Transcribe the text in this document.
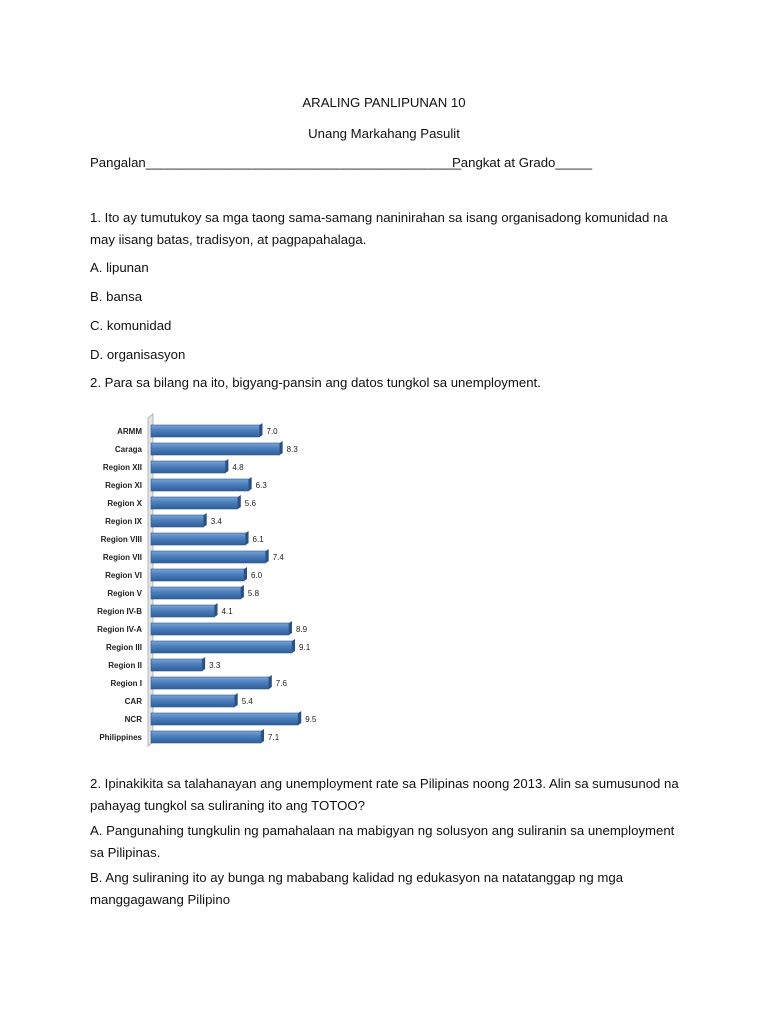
ARALING PANLIPUNAN 10
Unang Markahang Pasulit
Pangalan___________________________________________
Pangkat at Grado_____
1. Ito ay tumutukoy sa mga taong sama-samang naninirahan sa isang organisadong komunidad na may iisang batas, tradisyon, at pagpapahalaga.
A. lipunan
B. bansa
C. komunidad
D. organisasyon
2. Para sa bilang na ito, bigyang-pansin ang datos tungkol sa unemployment.
ARMM	7.0
Caraga	8.3
Region XII	4.8
Region XI	6.3
Region X	5.6
Region IX	3.4
Region VIII	6.1
Region VII	7.4
Region VI	6.0
Region V	5.8
Region IV-B	4.1
Region IV-A	8.9
Region III	9.1
Region II	3.3
Region I	7.6
CAR	5.4
NCR	9.5
Philippines	7.1
2. Ipinakikita sa talahanayan ang unemployment rate sa Pilipinas noong 2013. Alin sa sumusunod na pahayag tungkol sa suliraning ito ang TOTOO?
A. Pangunahing tungkulin ng pamahalaan na mabigyan ng solusyon ang suliranin sa unemployment sa Pilipinas.
B. Ang suliraning ito ay bunga ng mababang kalidad ng edukasyon na natatanggap ng mga manggagawang Pilipino
